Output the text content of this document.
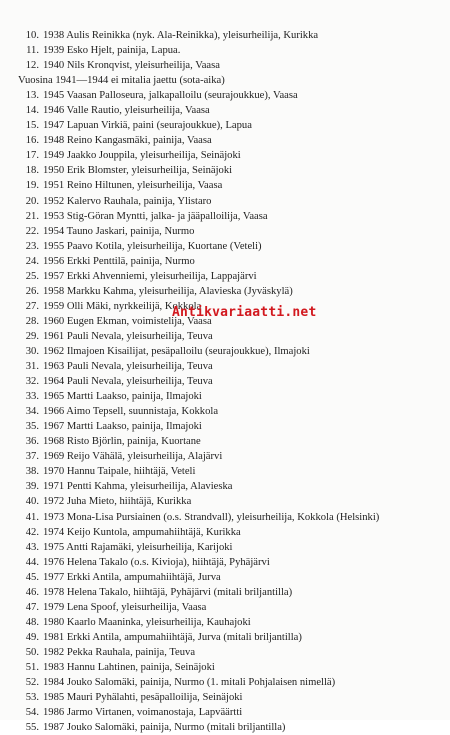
10. 1938 Aulis Reinikka (nyk. Ala-Reinikka), yleisurheilija, Kurikka
11. 1939 Esko Hjelt, painija, Lapua.
12. 1940 Nils Kronqvist, yleisurheilija, Vaasa
Vuosina 1941—1944 ei mitalia jaettu (sota-aika)
13. 1945 Vaasan Palloseura, jalkapalloilu (seurajoukkue), Vaasa
14. 1946 Valle Rautio, yleisurheilija, Vaasa
15. 1947 Lapuan Virkiä, paini (seurajoukkue), Lapua
16. 1948 Reino Kangasmäki, painija, Vaasa
17. 1949 Jaakko Jouppila, yleisurheilija, Seinäjoki
18. 1950 Erik Blomster, yleisurheilija, Seinäjoki
19. 1951 Reino Hiltunen, yleisurheilija, Vaasa
20. 1952 Kalervo Rauhala, painija, Ylistaro
21. 1953 Stig-Göran Myntti, jalka- ja jääpalloilija, Vaasa
22. 1954 Tauno Jaskari, painija, Nurmo
23. 1955 Paavo Kotila, yleisurheilija, Kuortane (Veteli)
24. 1956 Erkki Penttilä, painija, Nurmo
25. 1957 Erkki Ahvenniemi, yleisurheilija, Lappajärvi
26. 1958 Markku Kahma, yleisurheilija, Alavieska (Jyväskylä)
27. 1959 Olli Mäki, nyrkkeilijä, Kokkola
28. 1960 Eugen Ekman, voimistelija, Vaasa
29. 1961 Pauli Nevala, yleisurheilija, Teuva
30. 1962 Ilmajoen Kisailijat, pesäpalloilu (seurajoukkue), Ilmajoki
31. 1963 Pauli Nevala, yleisurheilija, Teuva
32. 1964 Pauli Nevala, yleisurheilija, Teuva
33. 1965 Martti Laakso, painija, Ilmajoki
34. 1966 Aimo Tepsell, suunnistaja, Kokkola
35. 1967 Martti Laakso, painija, Ilmajoki
36. 1968 Risto Björlin, painija, Kuortane
37. 1969 Reijo Vähälä, yleisurheilija, Alajärvi
38. 1970 Hannu Taipale, hiihtäjä, Veteli
39. 1971 Pentti Kahma, yleisurheilija, Alavieska
40. 1972 Juha Mieto, hiihtäjä, Kurikka
41. 1973 Mona-Lisa Pursiainen (o.s. Strandvall), yleisurheilija, Kokkola (Helsinki)
42. 1974 Keijo Kuntola, ampumahiihtäjä, Kurikka
43. 1975 Antti Rajamäki, yleisurheilija, Karijoki
44. 1976 Helena Takalo (o.s. Kivioja), hiihtäjä, Pyhäjärvi
45. 1977 Erkki Antila, ampumahiihtäjä, Jurva
46. 1978 Helena Takalo, hiihtäjä, Pyhäjärvi (mitali briljantilla)
47. 1979 Lena Spoof, yleisurheilija, Vaasa
48. 1980 Kaarlo Maaninka, yleisurheilija, Kauhajoki
49. 1981 Erkki Antila, ampumahiihtäjä, Jurva (mitali briljantilla)
50. 1982 Pekka Rauhala, painija, Teuva
51. 1983 Hannu Lahtinen, painija, Seinäjoki
52. 1984 Jouko Salomäki, painija, Nurmo (1. mitali Pohjalaisen nimellä)
53. 1985 Mauri Pyhälahti, pesäpalloilija, Seinäjoki
54. 1986 Jarmo Virtanen, voimanostaja, Lapväärtti
55. 1987 Jouko Salomäki, painija, Nurmo (mitali briljantilla)
Antikvariaatti.net
